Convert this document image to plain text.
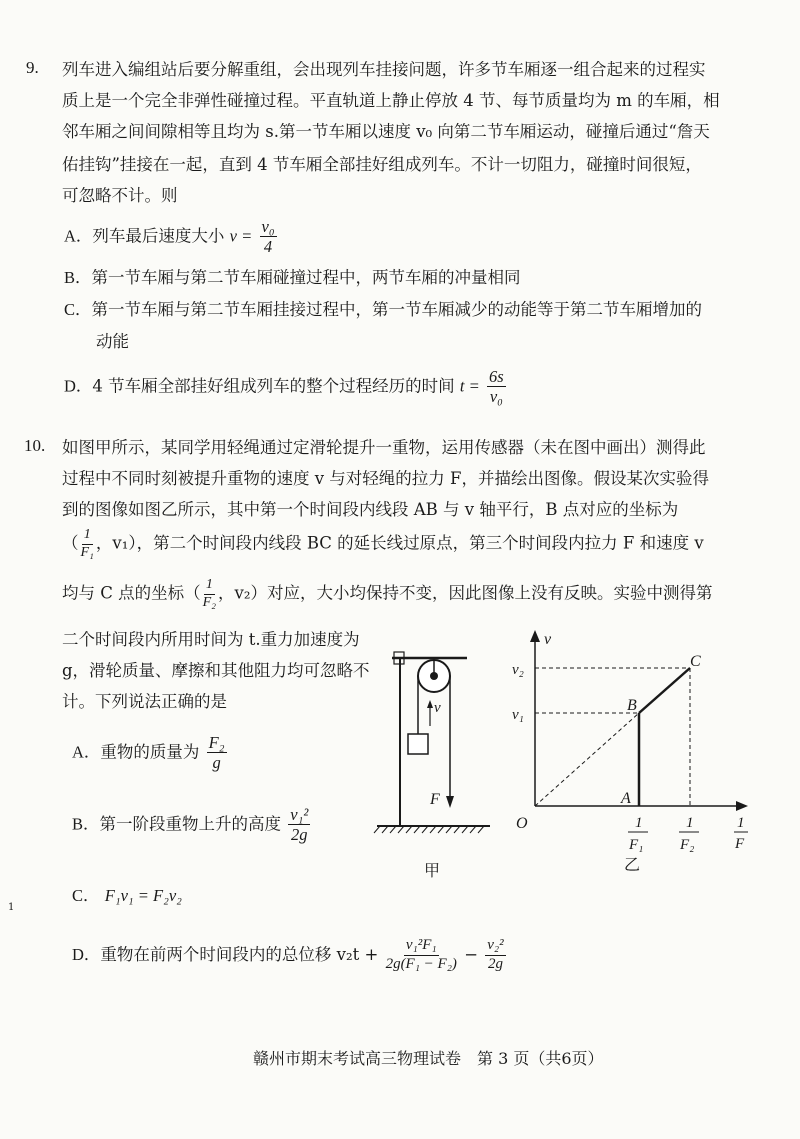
9. 列车进入编组站后要分解重组，会出现列车挂接问题，许多节车厢逐一组合起来的过程实
质上是一个完全非弹性碰撞过程。平直轨道上静止停放 4 节、每节质量均为 m 的车厢，相
邻车厢之间间隙相等且均为 s.第一节车厢以速度 v₀ 向第二节车厢运动，碰撞后通过“詹天
佑挂钩”挂接在一起，直到 4 节车厢全部挂好组成列车。不计一切阻力，碰撞时间很短，
可忽略不计。则
A．列车最后速度大小 $v = \frac{\text{v₀}}{4}$
B．第一节车厢与第二节车厢碰撞过程中，两节车厢的冲量相同
C．第一节车厢与第二节车厢挂接过程中，第一节车厢减少的动能等于第二节车厢增加的
动能
D．4 节车厢全部挂好组成列车的整个过程经历的时间 $t = \frac{6s}{\text{v₀}}$
10. 如图甲所示，某同学用轻绳通过定滑轮提升一重物，运用传感器（未在图中画出）测得此
过程中不同时刻被提升重物的速度 v 与对轻绳的拉力 F，并描绘出图像。假设某次实验得
到的图像如图乙所示，其中第一个时间段内线段 AB 与 v 轴平行，B 点对应的坐标为
（ $\frac{1}{\text{F₁}}$ ，v₁），第二个时间段内线段 BC 的延长线过原点，第三个时间段内拉力 F 和速度 v
均与 C 点的坐标（ $\frac{1}{\text{F₂}}$ ，v₂）对应，大小均保持不变，因此图像上没有反映。实验中测得第
二个时间段内所用时间为 t.重力加速度为
g，滑轮质量、摩擦和其他阻力均可忽略不
计。下列说法正确的是
A．重物的质量为 $\frac{\text{F₂}}{g}$
B．第一阶段重物上升的高度 $\frac{\text{v₁²}}{2g}$
C． F₁v₁ = F₂v₂
D．重物在前两个时间段内的总位移 $v_2t + \frac{\text{v₁²F₁}}{\text{2g(F₁ − F₂)}} - \frac{\text{v₂²}}{2g}$
v
F
甲
v
1
F
O
v₂
v₁
A
B
C
1
F₁
1
F₂
乙
1
赣州市期末考试高三物理试卷　第 3 页（共6页）
